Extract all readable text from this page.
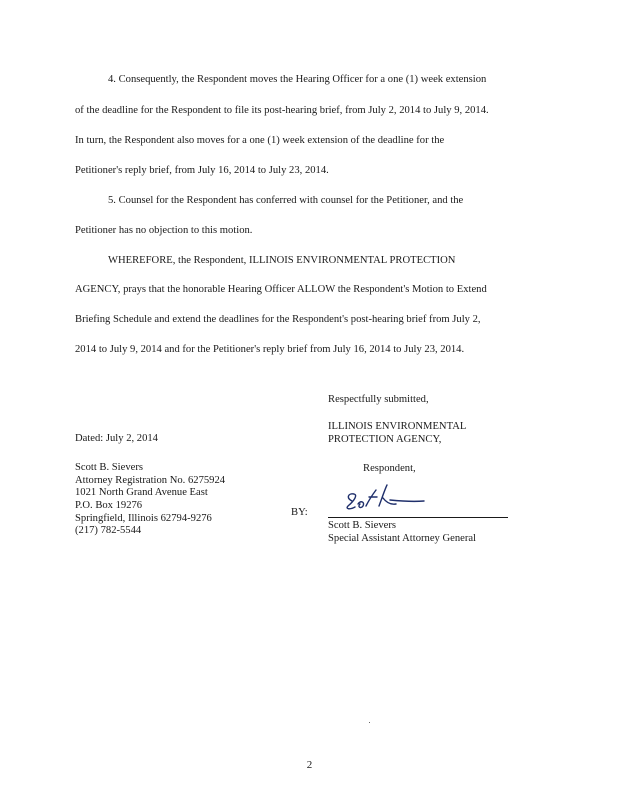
4. Consequently, the Respondent moves the Hearing Officer for a one (1) week extension
of the deadline for the Respondent to file its post-hearing brief, from July 2, 2014 to July 9, 2014.
In turn, the Respondent also moves for a one (1) week extension of the deadline for the
Petitioner's reply brief, from July 16, 2014 to July 23, 2014.
5. Counsel for the Respondent has conferred with counsel for the Petitioner, and the
Petitioner has no objection to this motion.
WHEREFORE, the Respondent, ILLINOIS ENVIRONMENTAL PROTECTION
AGENCY, prays that the honorable Hearing Officer ALLOW the Respondent's Motion to Extend
Briefing Schedule and extend the deadlines for the Respondent's post-hearing brief from July 2,
2014 to July 9, 2014 and for the Petitioner's reply brief from July 16, 2014 to July 23, 2014.
Respectfully submitted,
ILLINOIS ENVIRONMENTAL
PROTECTION AGENCY,
Respondent,
Dated: July 2, 2014
Scott B. Sievers
Attorney Registration No. 6275924
1021 North Grand Avenue East
P.O. Box 19276
Springfield, Illinois 62794-9276
(217) 782-5544
BY:
Scott B. Sievers
Special Assistant Attorney General
2
